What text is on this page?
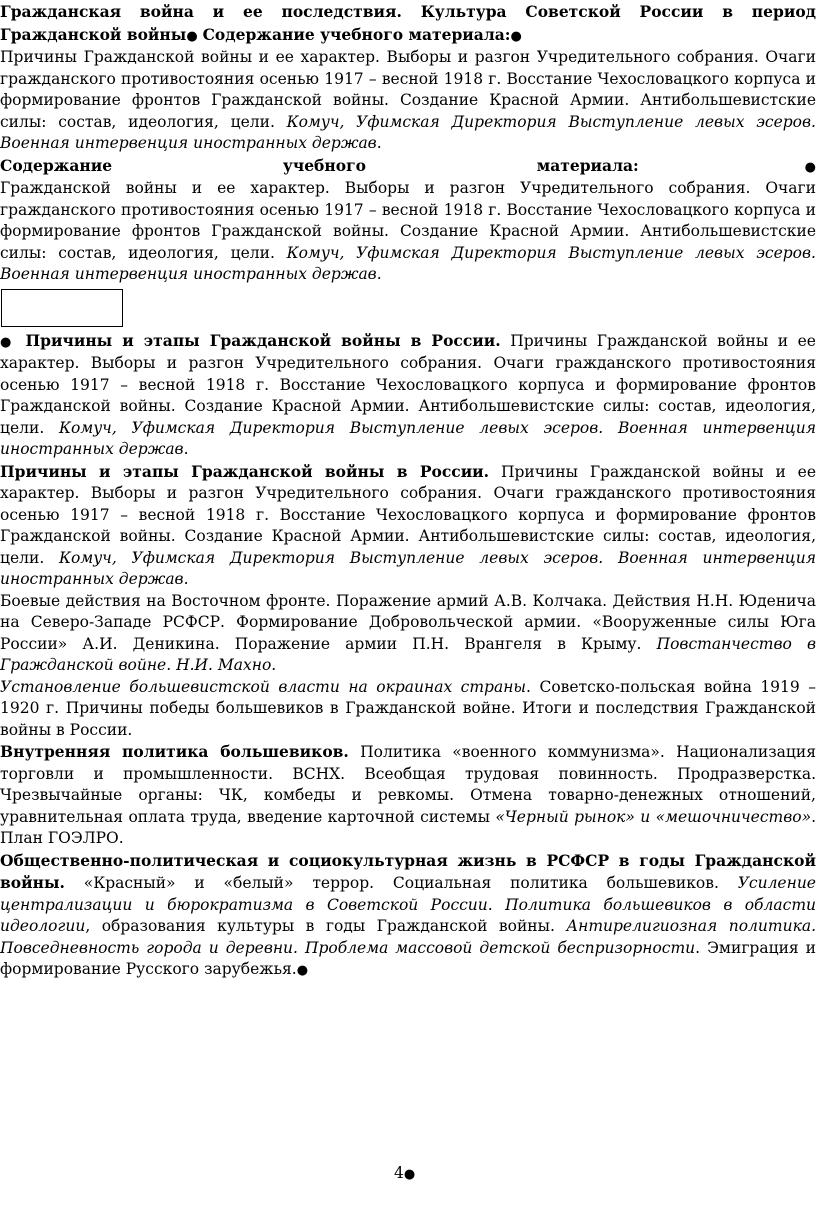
Гражданская война и ее последствия. Культура Советской России в период Гражданской войны● Содержание учебного материала:●

Причины Гражданской войны и ее характер. Выборы и разгон Учредительного собрания. Очаги гражданского противостояния осенью 1917 – весной 1918 г. Восстание Чехословацкого корпуса и формирование фронтов Гражданской войны. Создание Красной Армии. Антибольшевистские силы: состав, идеология, цели. Комуч, Уфимская Директория Выступление левых эсеров. Военная интервенция иностранных держав.

Содержание	учебного	материала:●

Гражданской войны и ее характер. Выборы и разгон Учредительного собрания. Очаги гражданского противостояния осенью 1917 – весной 1918 г. Восстание Чехословацкого корпуса и формирование фронтов Гражданской войны. Создание Красной Армии. Антибольшевистские силы: состав, идеология, цели. Комуч, Уфимская Директория Выступление левых эсеров. Военная интервенция иностранных держав.

● Причины и этапы Гражданской войны в России. Причины Гражданской войны и ее характер. Выборы и разгон Учредительного собрания. Очаги гражданского противостояния осенью 1917 – весной 1918 г. Восстание Чехословацкого корпуса и формирование фронтов Гражданской войны. Создание Красной Армии. Антибольшевистские силы: состав, идеология, цели. Комуч, Уфимская Директория Выступление левых эсеров. Военная интервенция иностранных держав.

Причины и этапы Гражданской войны в России. Причины Гражданской войны и ее характер. Выборы и разгон Учредительного собрания. Очаги гражданского противостояния осенью 1917 – весной 1918 г. Восстание Чехословацкого корпуса и формирование фронтов Гражданской войны. Создание Красной Армии. Антибольшевистские силы: состав, идеология, цели. Комуч, Уфимская Директория Выступление левых эсеров. Военная интервенция иностранных держав.

Боевые действия на Восточном фронте. Поражение армий А.В. Колчака. Действия Н.Н. Юденича на Северо-Западе РСФСР. Формирование Добровольческой армии. «Вооруженные силы Юга России» А.И. Деникина. Поражение армии П.Н. Врангеля в Крыму. Повстанчество в Гражданской войне. Н.И. Махно.

Установление большевистской власти на окраинах страны. Советско-польская война 1919 – 1920 г. Причины победы большевиков в Гражданской войне. Итоги и последствия Гражданской войны в России.

Внутренняя политика большевиков. Политика «военного коммунизма». Национализация торговли и промышленности. ВСНХ. Всеобщая трудовая повинность. Продразверстка. Чрезвычайные органы: ЧК, комбеды и ревкомы. Отмена товарно-денежных отношений, уравнительная оплата труда, введение карточной системы «Черный рынок» и «мешочничество». План ГОЭЛРО.

Общественно-политическая и социокультурная жизнь в РСФСР в годы Гражданской войны. «Красный» и «белый» террор. Социальная политика большевиков. Усиление централизации и бюрократизма в Советской России. Политика большевиков в области идеологии, образования культуры в годы Гражданской войны. Антирелигиозная политика. Повседневность города и деревни. Проблема массовой детской беспризорности. Эмиграция и формирование Русского зарубежья.●

4●
